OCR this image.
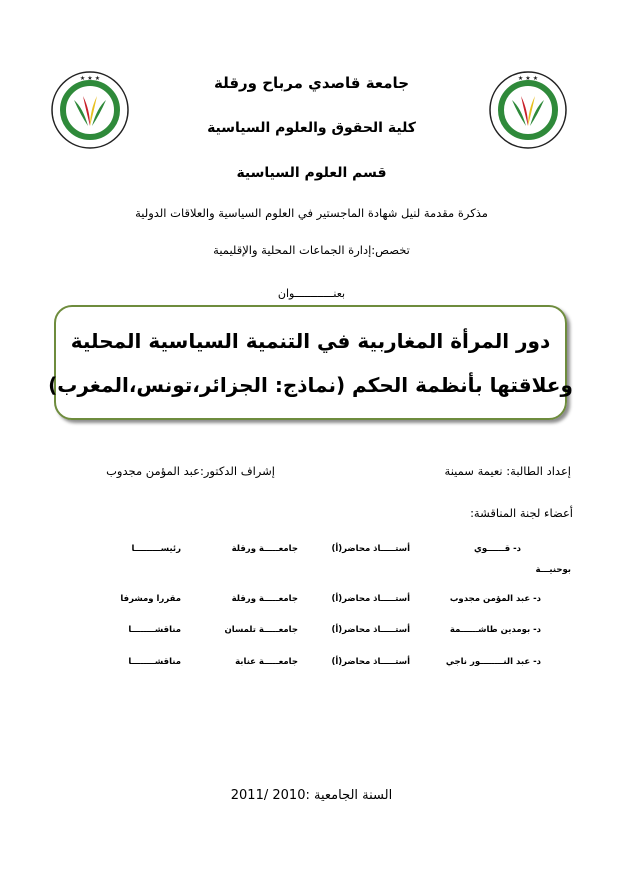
★ ★ ★	★ ★ ★
جامعة قاصدي مرباح ورقلة
كلية الحقوق والعلوم السياسية
قسم العلوم السياسية
مذكرة مقدمة لنيل شهادة الماجستير في العلوم السياسية والعلاقات الدولية
تخصص:إدارة الجماعات المحلية والإقليمية
بعنــــــــــــوان
دور المرأة المغاربية في التنمية السياسية المحلية
وعلاقتها بأنظمة الحكم (نماذج: الجزائر،تونس،المغرب)
إعداد الطالبة: نعيمة سمينة
إشراف الدكتور:عبد المؤمن مجدوب
أعضاء لجنة المناقشة:
د- قــــــوي
بوحنيـــة
أستـــــاذ محاضر(أ)
جامعـــــة ورقلة
رئيســـــــــا
د- عبد المؤمن مجدوب
أستـــــاذ محاضر(أ)
جامعـــــة ورقلة
مقررا ومشرفا
د- بومدين طاشــــــمة
أستـــــاذ محاضر(أ)
جامعـــــة تلمسان
مناقشــــــــا
د- عبد النــــــــور ناجي
أستـــــاذ محاضر(أ)
جامعـــــة عنابة
مناقشــــــــا
السنة الجامعية :2010 /2011
